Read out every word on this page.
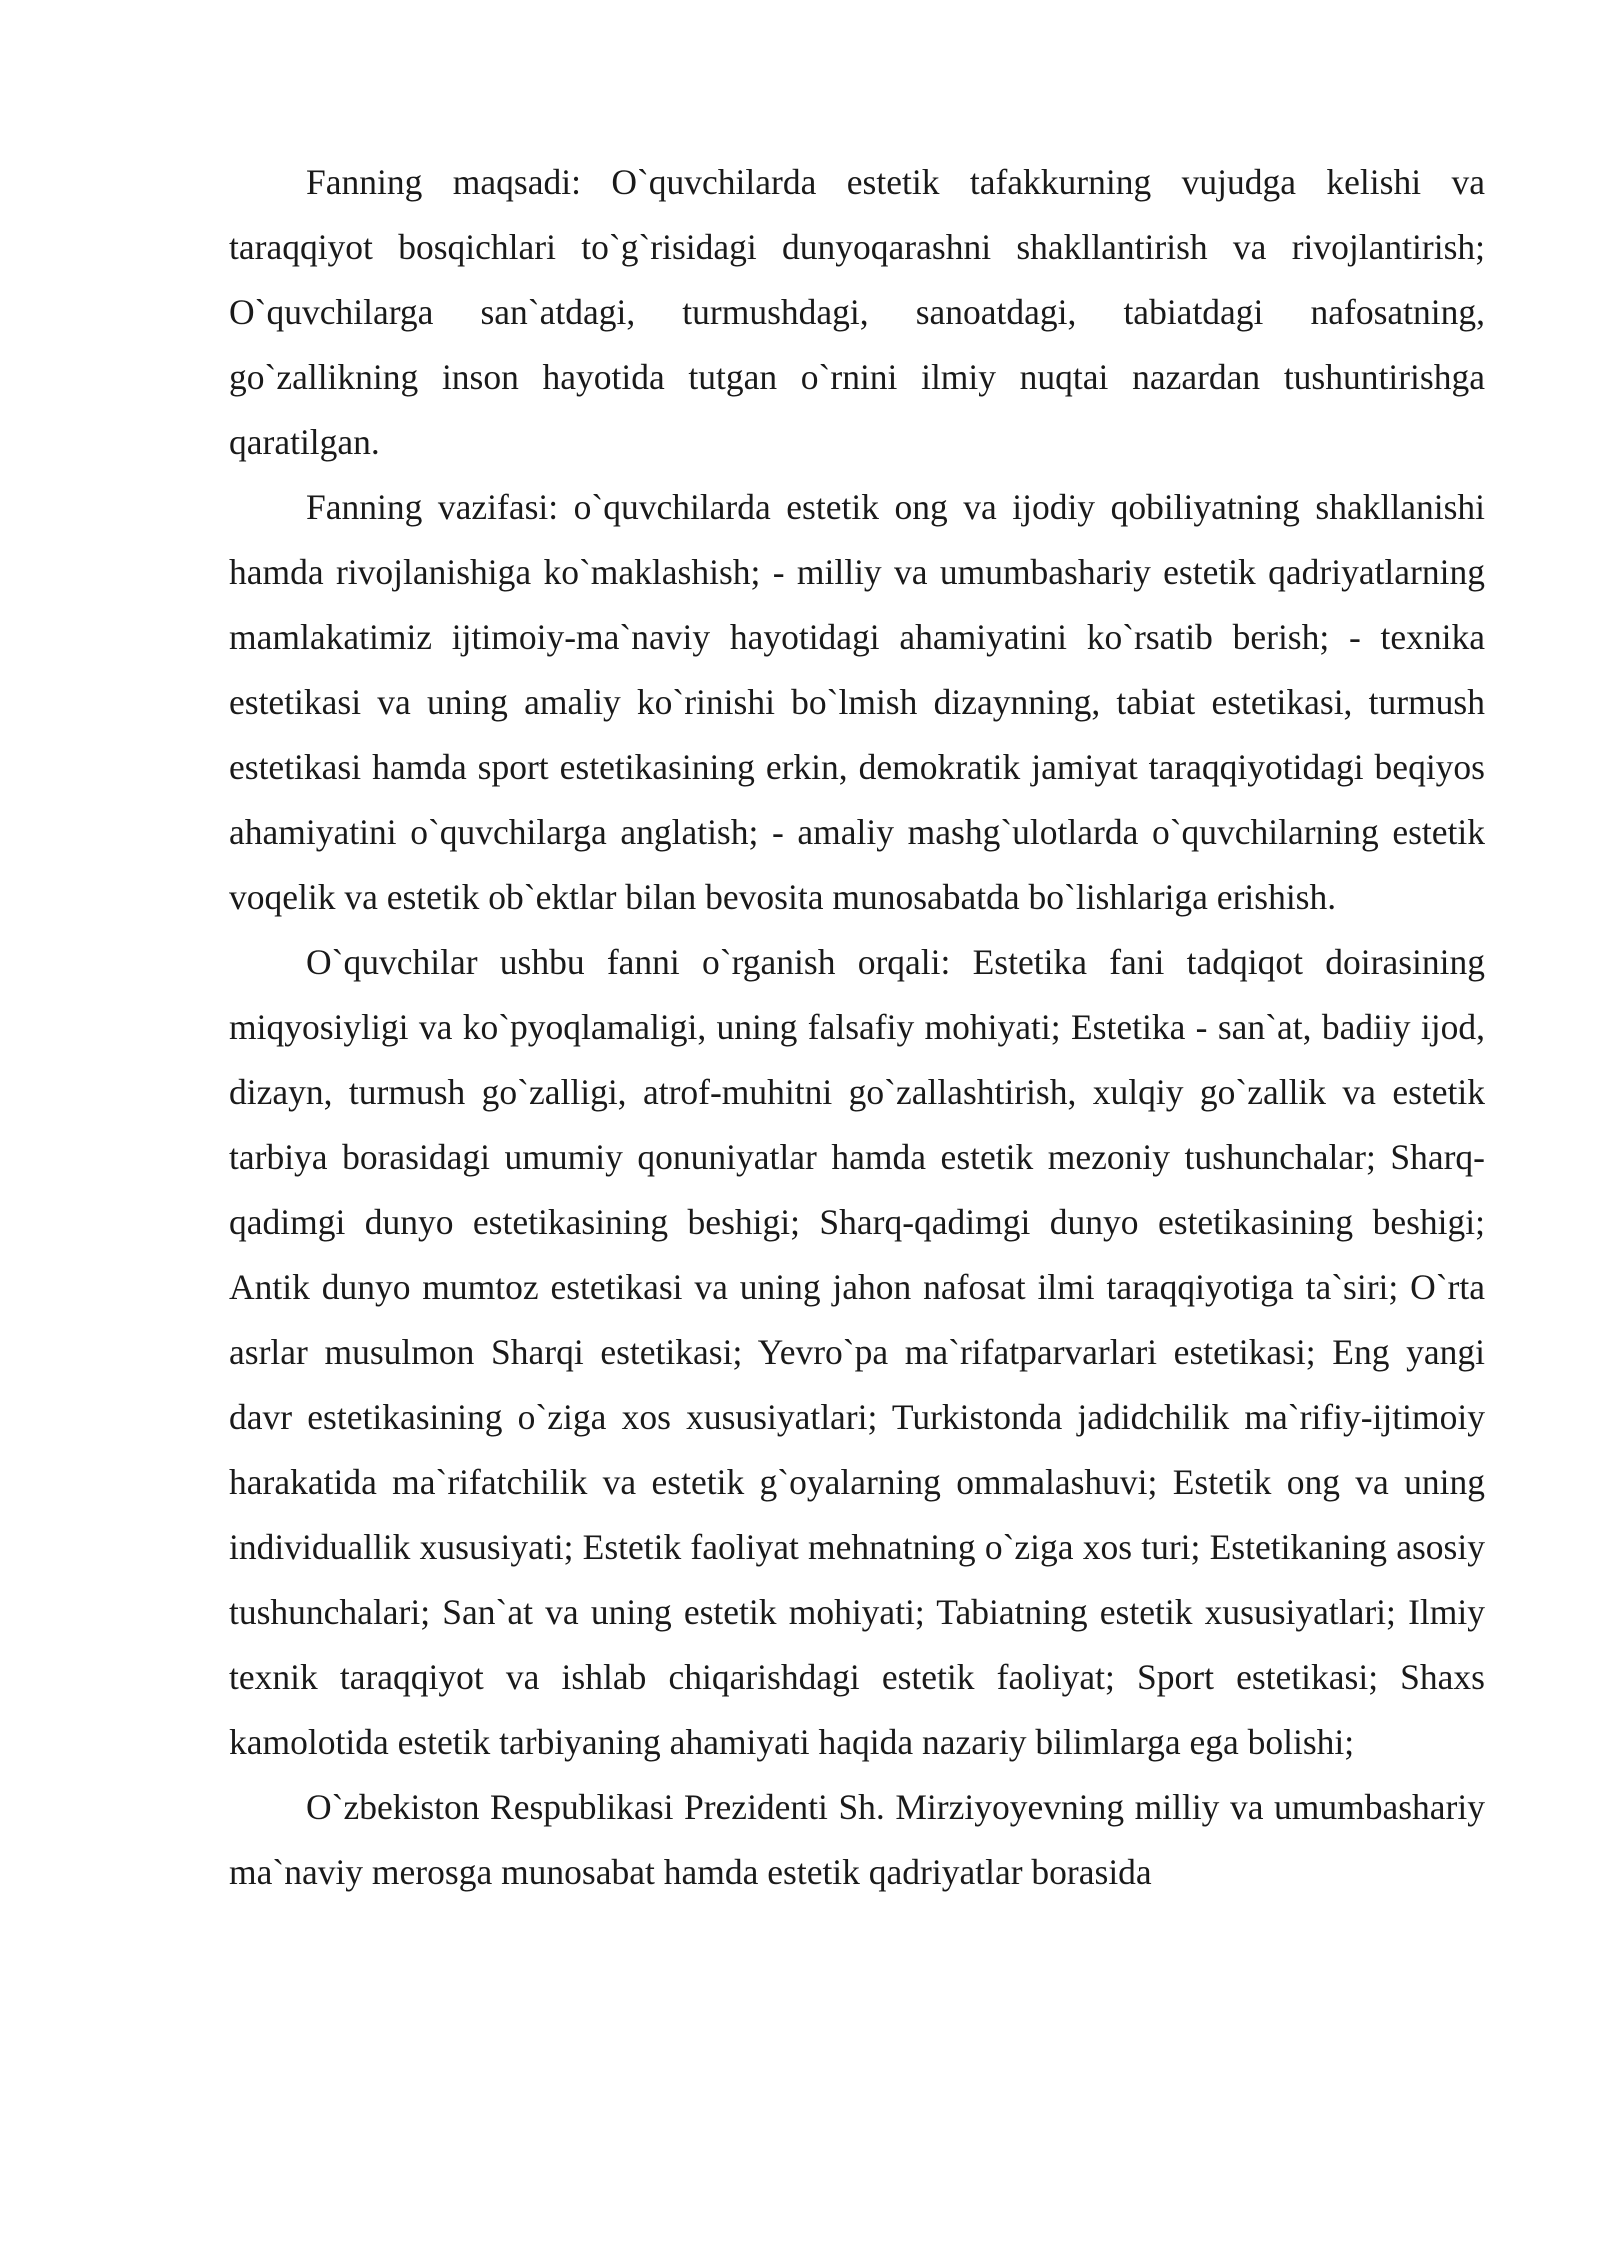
Fanning maqsadi: O`quvchilarda estetik tafakkurning vujudga kelishi va taraqqiyot bosqichlari to`g`risidagi dunyoqarashni shakllantirish va rivojlantirish; O`quvchilarga san`atdagi, turmushdagi, sanoatdagi, tabiatdagi nafosatning, go`zallikning inson hayotida tutgan o`rnini ilmiy nuqtai nazardan tushuntirishga qaratilgan.

Fanning vazifasi: o`quvchilarda estetik ong va ijodiy qobiliyatning shakllanishi hamda rivojlanishiga ko`maklashish; - milliy va umumbashariy estetik qadriyatlarning mamlakatimiz ijtimoiy-ma`naviy hayotidagi ahamiyatini ko`rsatib berish; - texnika estetikasi va uning amaliy ko`rinishi bo`lmish dizaynning, tabiat estetikasi, turmush estetikasi hamda sport estetikasining erkin, demokratik jamiyat taraqqiyotidagi beqiyos ahamiyatini o`quvchilarga anglatish; - amaliy mashg`ulotlarda o`quvchilarning estetik voqelik va estetik ob`ektlar bilan bevosita munosabatda bo`lishlariga erishish.

O`quvchilar ushbu fanni o`rganish orqali: Estetika fani tadqiqot doirasining miqyosiyligi va ko`pyoqlamaligi, uning falsafiy mohiyati; Estetika - san`at, badiiy ijod, dizayn, turmush go`zalligi, atrof-muhitni go`zallashtirish, xulqiy go`zallik va estetik tarbiya borasidagi umumiy qonuniyatlar hamda estetik mezoniy tushunchalar; Sharq-qadimgi dunyo estetikasining beshigi; Sharq-qadimgi dunyo estetikasining beshigi; Antik dunyo mumtoz estetikasi va uning jahon nafosat ilmi taraqqiyotiga ta`siri; O`rta asrlar musulmon Sharqi estetikasi; Yevro`pa ma`rifatparvarlari estetikasi; Eng yangi davr estetikasining o`ziga xos xususiyatlari; Turkistonda jadidchilik ma`rifiy-ijtimoiy harakatida ma`rifatchilik va estetik g`oyalarning ommalashuvi; Estetik ong va uning individuallik xususiyati; Estetik faoliyat mehnatning o`ziga xos turi; Estetikaning asosiy tushunchalari; San`at va uning estetik mohiyati; Tabiatning estetik xususiyatlari; Ilmiy texnik taraqqiyot va ishlab chiqarishdagi estetik faoliyat; Sport estetikasi; Shaxs kamolotida estetik tarbiyaning ahamiyati haqida nazariy bilimlarga ega bolishi;

O`zbekiston Respublikasi Prezidenti Sh. Mirziyoyevning milliy va umumbashariy ma`naviy merosga munosabat hamda estetik qadriyatlar borasida
